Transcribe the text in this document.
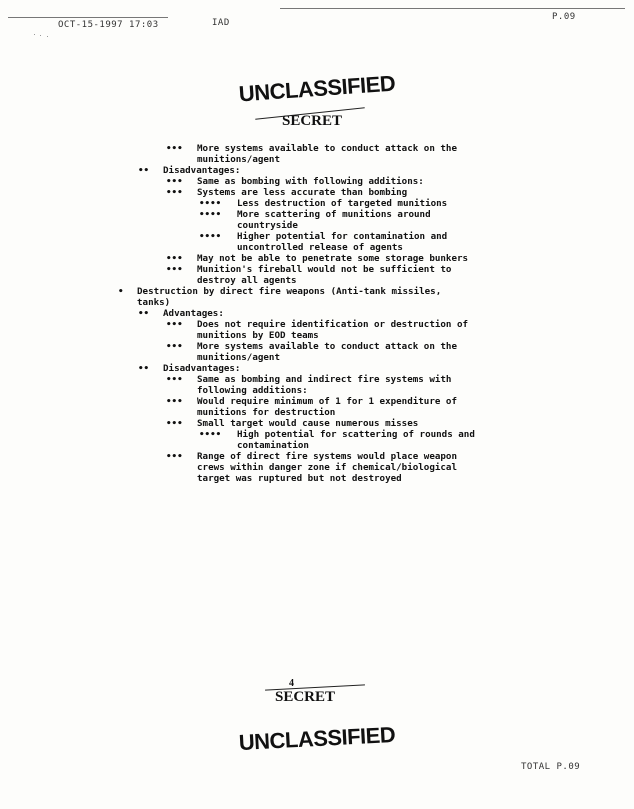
OCT-15-1997 17:03	IAD
P.09
UNCLASSIFIED
SECRET
••• More systems available to conduct attack on the
munitions/agent
•• Disadvantages:
••• Same as bombing with following additions:
••• Systems are less accurate than bombing
•••• Less destruction of targeted munitions
•••• More scattering of munitions around
countryside
•••• Higher potential for contamination and
uncontrolled release of agents
••• May not be able to penetrate some storage bunkers
••• Munition's fireball would not be sufficient to
destroy all agents
• Destruction by direct fire weapons (Anti-tank missiles,
tanks)
•• Advantages:
••• Does not require identification or destruction of
munitions by EOD teams
••• More systems available to conduct attack on the
munitions/agent
•• Disadvantages:
••• Same as bombing and indirect fire systems with
following additions:
••• Would require minimum of 1 for 1 expenditure of
munitions for destruction
••• Small target would cause numerous misses
•••• High potential for scattering of rounds and
contamination
••• Range of direct fire systems would place weapon
crews within danger zone if chemical/biological
target was ruptured but not destroyed
4
SECRET
UNCLASSIFIED
TOTAL P.09
